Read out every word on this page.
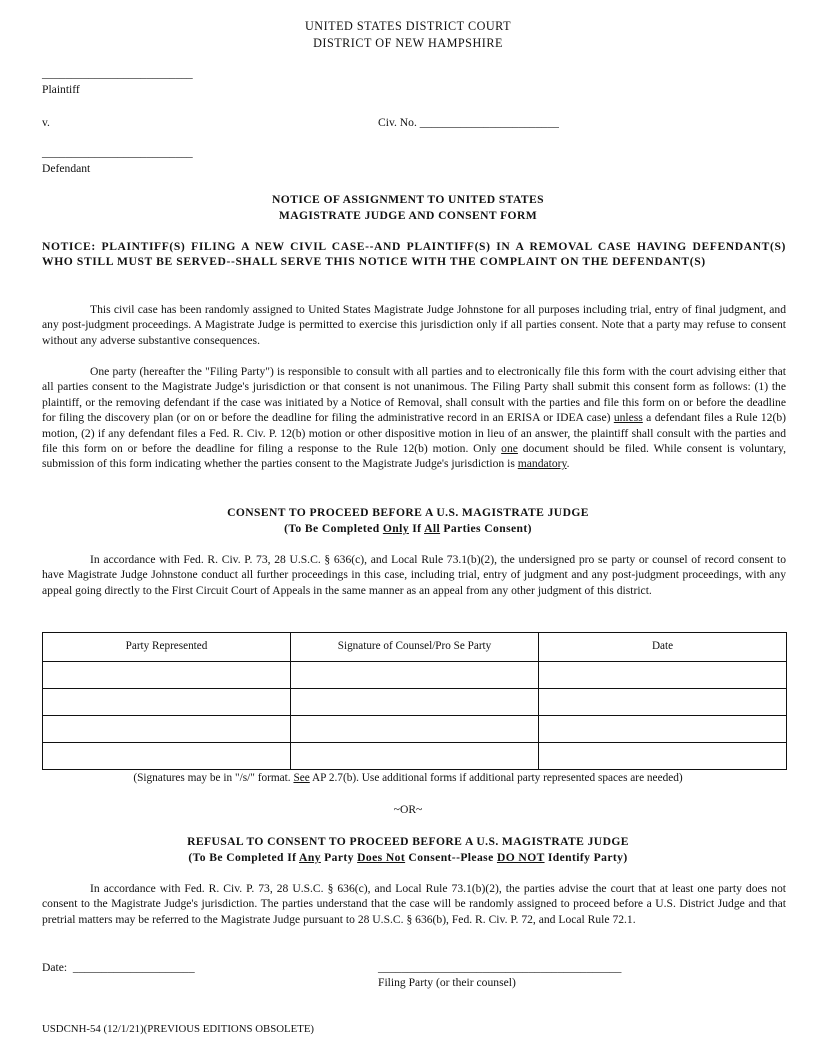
UNITED STATES DISTRICT COURT
DISTRICT OF NEW HAMPSHIRE
__________________________
Plaintiff
v.	Civ. No. ________________________
__________________________
Defendant
NOTICE OF ASSIGNMENT TO UNITED STATES
MAGISTRATE JUDGE AND CONSENT FORM
NOTICE: PLAINTIFF(S) FILING A NEW CIVIL CASE--AND PLAINTIFF(S) IN A REMOVAL CASE HAVING DEFENDANT(S) WHO STILL MUST BE SERVED--SHALL SERVE THIS NOTICE WITH THE COMPLAINT ON THE DEFENDANT(S)
This civil case has been randomly assigned to United States Magistrate Judge Johnstone for all purposes including trial, entry of final judgment, and any post-judgment proceedings. A Magistrate Judge is permitted to exercise this jurisdiction only if all parties consent. Note that a party may refuse to consent without any adverse substantive consequences.
One party (hereafter the "Filing Party") is responsible to consult with all parties and to electronically file this form with the court advising either that all parties consent to the Magistrate Judge's jurisdiction or that consent is not unanimous. The Filing Party shall submit this consent form as follows: (1) the plaintiff, or the removing defendant if the case was initiated by a Notice of Removal, shall consult with the parties and file this form on or before the deadline for filing the discovery plan (or on or before the deadline for filing the administrative record in an ERISA or IDEA case) unless a defendant files a Rule 12(b) motion, (2) if any defendant files a Fed. R. Civ. P. 12(b) motion or other dispositive motion in lieu of an answer, the plaintiff shall consult with the parties and file this form on or before the deadline for filing a response to the Rule 12(b) motion. Only one document should be filed. While consent is voluntary, submission of this form indicating whether the parties consent to the Magistrate Judge's jurisdiction is mandatory.
CONSENT TO PROCEED BEFORE A U.S. MAGISTRATE JUDGE
(To Be Completed Only If All Parties Consent)
In accordance with Fed. R. Civ. P. 73, 28 U.S.C. § 636(c), and Local Rule 73.1(b)(2), the undersigned pro se party or counsel of record consent to have Magistrate Judge Johnstone conduct all further proceedings in this case, including trial, entry of judgment and any post-judgment proceedings, with any appeal going directly to the First Circuit Court of Appeals in the same manner as an appeal from any other judgment of this district.
Party Represented	Signature of Counsel/Pro Se Party	Date

(Signatures may be in "/s/" format. See AP 2.7(b). Use additional forms if additional party represented spaces are needed)
~OR~
REFUSAL TO CONSENT TO PROCEED BEFORE A U.S. MAGISTRATE JUDGE
(To Be Completed If Any Party Does Not Consent--Please DO NOT Identify Party)
In accordance with Fed. R. Civ. P. 73, 28 U.S.C. § 636(c), and Local Rule 73.1(b)(2), the parties advise the court that at least one party does not consent to the Magistrate Judge's jurisdiction. The parties understand that the case will be randomly assigned to proceed before a U.S. District Judge and that pretrial matters may be referred to the Magistrate Judge pursuant to 28 U.S.C. § 636(b), Fed. R. Civ. P. 72, and Local Rule 72.1.
Date: _____________________	__________________________________________
Filing Party (or their counsel)
USDCNH-54 (12/1/21)(PREVIOUS EDITIONS OBSOLETE)
